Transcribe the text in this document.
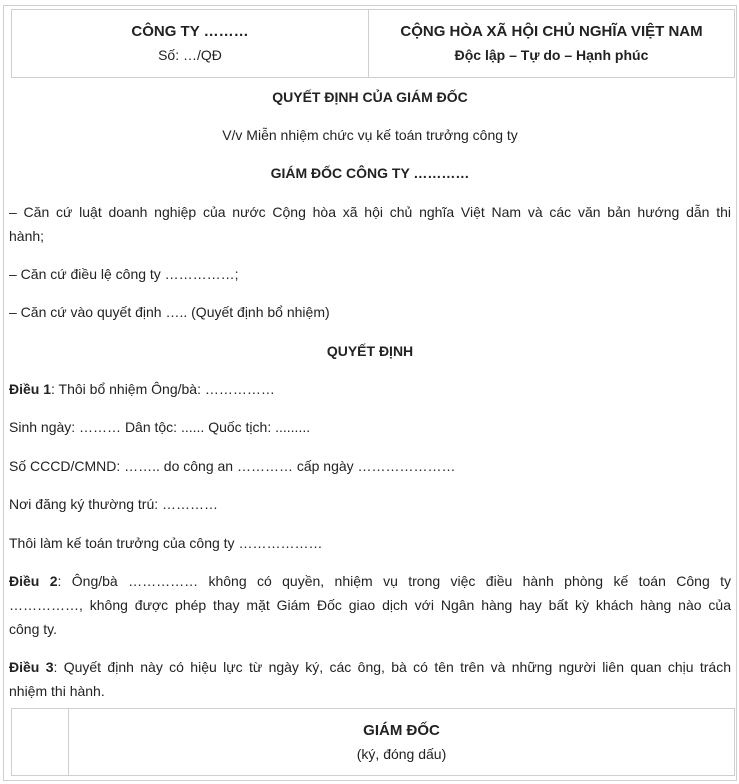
CÔNG TY ………
Số: …/QĐ
CỘNG HÒA XÃ HỘI CHỦ NGHĨA VIỆT NAM
Độc lập – Tự do – Hạnh phúc
QUYẾT ĐỊNH CỦA GIÁM ĐỐC
V/v Miễn nhiệm chức vụ kế toán trưởng công ty
GIÁM ĐỐC CÔNG TY …………
– Căn cứ luật doanh nghiệp của nước Cộng hòa xã hội chủ nghĩa Việt Nam và các văn bản hướng dẫn thi
hành;
– Căn cứ điều lệ công ty ……………;
– Căn cứ vào quyết định ….. (Quyết định bổ nhiệm)
QUYẾT ĐỊNH
Điều 1: Thôi bổ nhiệm Ông/bà: ……………
Sinh ngày: ……… Dân tộc: ...... Quốc tịch: .........
Số CCCD/CMND: …….. do công an ………… cấp ngày …………………
Nơi đăng ký thường trú: …………
Thôi làm kế toán trưởng của công ty ………………
Điều 2: Ông/bà …………… không có quyền, nhiệm vụ trong việc điều hành phòng kế toán Công ty
……………, không được phép thay mặt Giám Đốc giao dịch với Ngân hàng hay bất kỳ khách hàng nào của
công ty.
Điều 3: Quyết định này có hiệu lực từ ngày ký, các ông, bà có tên trên và những người liên quan chịu trách
nhiệm thi hành.
GIÁM ĐỐC
(ký, đóng dấu)
